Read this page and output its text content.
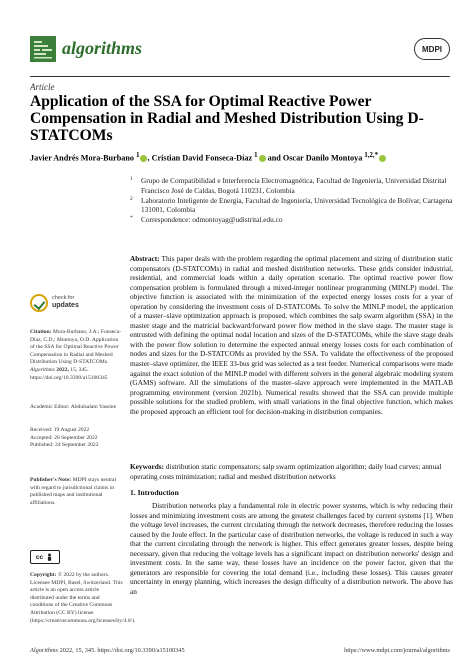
algorithms	MDPI
Article
Application of the SSA for Optimal Reactive Power Compensation in Radial and Meshed Distribution Using D-STATCOMs
Javier Andrés Mora-Burbano $^1$ , Cristian David Fonseca-Díaz $^1$ and Oscar Danilo Montoya $^{1,2,*}$
1 Grupo de Compatibilidad e Interferencia Electromagnética, Facultad de Ingeniería, Universidad Distrital Francisco José de Caldas, Bogotá 110231, Colombia
2 Laboratorio Inteligente de Energía, Facultad de Ingeniería, Universidad Tecnológica de Bolívar, Cartagena 131001, Colombia
* Correspondence: odmontoyag@udistrital.edu.co
Abstract: This paper deals with the problem regarding the optimal placement and sizing of distribution static compensators (D-STATCOMs) in radial and meshed distribution networks. These grids consider industrial, residential, and commercial loads within a daily operation scenario. The optimal reactive power flow compensation problem is formulated through a mixed-integer nonlinear programming (MINLP) model. The objective function is associated with the minimization of the expected energy losses costs for a year of operation by considering the investment costs of D-STATCOMs. To solve the MINLP model, the application of a master–slave optimization approach is proposed, which combines the salp swarm algorithm (SSA) in the master stage and the matricial backward/forward power flow method in the slave stage. The master stage is entrusted with defining the optimal nodal location and sizes of the D-STATCOMs, while the slave stage deals with the power flow solution to determine the expected annual energy losses costs for each combination of nodes and sizes for the D-STATCOMs as provided by the SSA. To validate the effectiveness of the proposed master–slave optimizer, the IEEE 33-bus grid was selected as a test feeder. Numerical comparisons were made against the exact solution of the MINLP model with different solvers in the general algebraic modeling system (GAMS) software. All the simulations of the master–slave approach were implemented in the MATLAB programming environment (version 2021b). Numerical results showed that the SSA can provide multiple possible solutions for the studied problem, with small variations in the final objective function, which makes the proposed approach an efficient tool for decision-making in distribution companies.
Keywords: distribution static compensators; salp swarm optimization algorithm; daily load curves; annual operating costs minimization; radial and meshed distribution networks
1. Introduction
Distribution networks play a fundamental role in electric power systems, which is why reducing their losses and minimizing investment costs are among the greatest challenges faced by current systems [1]. When the voltage level increases, the current circulating through the network decreases, therefore reducing the losses caused by the Joule effect. In the particular case of distribution networks, the voltage is reduced in such a way that the current circulating through the network is higher. This effect generates greater losses, despite being necessary, given that reducing the voltage levels has a significant impact on distribution networks' design and investment costs. In the same way, these losses have an incidence on the power factor, given that the generators are responsible for covering the total demand (i.e., including these losses). This causes greater uncertainty in energy planning, which increases the design difficulty of a distribution network. The above has an
check for
updates
Citation: Mora-Burbano, J.A.; Fonseca-Díaz, C.D.; Montoya, O.D. Application of the SSA for Optimal Reactive Power Compensation in Radial and Meshed Distribution Using D-STATCOMs. Algorithms 2022, 15, 345. https://doi.org/10.3390/a15100345
Academic Editor: Abdulsalam Yassine
Received: 19 August 2022
Accepted: 20 September 2022
Published: 24 September 2022
Publisher's Note: MDPI stays neutral with regard to jurisdictional claims in published maps and institutional affiliations.
cc
Copyright: © 2022 by the authors. Licensee MDPI, Basel, Switzerland. This article is an open access article distributed under the terms and conditions of the Creative Commons Attribution (CC BY) license (https://creativecommons.org/licenses/by/4.0/).
Algorithms 2022, 15, 345. https://doi.org/10.3390/a15100345	https://www.mdpi.com/journal/algorithms
